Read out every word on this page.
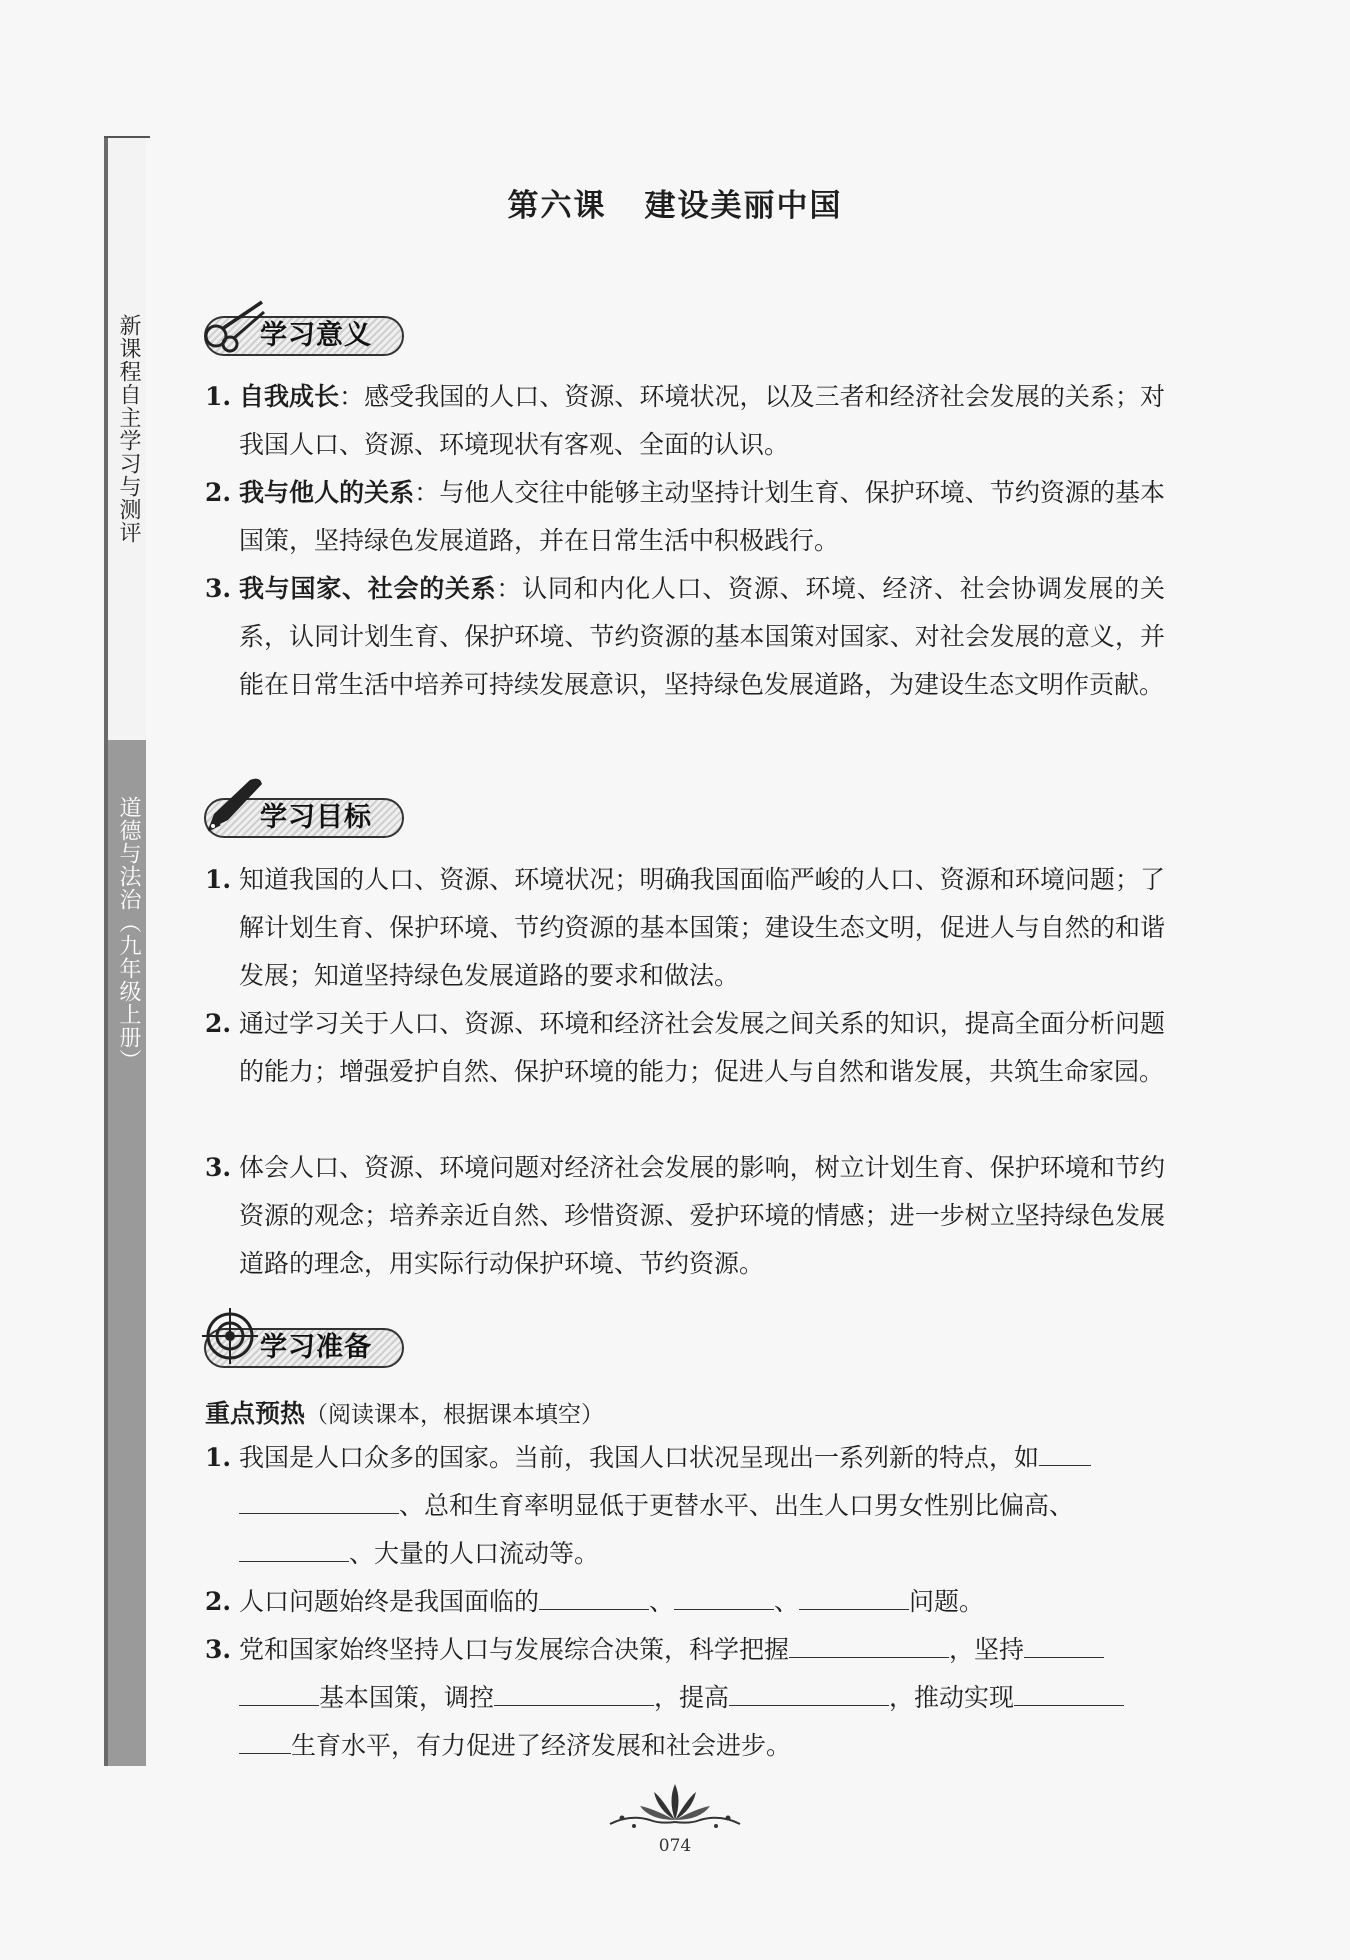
新课程自主学习与测评
道德与法治（九年级上册）
第六课 建设美丽中国
学习意义
1. 自我成长：感受我国的人口、资源、环境状况，以及三者和经济社会发展的关系；对我国人口、资源、环境现状有客观、全面的认识。
2. 我与他人的关系：与他人交往中能够主动坚持计划生育、保护环境、节约资源的基本国策，坚持绿色发展道路，并在日常生活中积极践行。
3. 我与国家、社会的关系：认同和内化人口、资源、环境、经济、社会协调发展的关系，认同计划生育、保护环境、节约资源的基本国策对国家、对社会发展的意义，并能在日常生活中培养可持续发展意识，坚持绿色发展道路，为建设生态文明作贡献。
学习目标
1. 知道我国的人口、资源、环境状况；明确我国面临严峻的人口、资源和环境问题；了解计划生育、保护环境、节约资源的基本国策；建设生态文明，促进人与自然的和谐发展；知道坚持绿色发展道路的要求和做法。
2. 通过学习关于人口、资源、环境和经济社会发展之间关系的知识，提高全面分析问题的能力；增强爱护自然、保护环境的能力；促进人与自然和谐发展，共筑生命家园。
3. 体会人口、资源、环境问题对经济社会发展的影响，树立计划生育、保护环境和节约资源的观念；培养亲近自然、珍惜资源、爱护环境的情感；进一步树立坚持绿色发展道路的理念，用实际行动保护环境、节约资源。
学习准备
重点预热（阅读课本，根据课本填空）
1. 我国是人口众多的国家。当前，我国人口状况呈现出一系列新的特点，如
、总和生育率明显低于更替水平、出生人口男女性别比偏高、
、大量的人口流动等。
2. 人口问题始终是我国面临的	、	、	问题。
3. 党和国家始终坚持人口与发展综合决策，科学把握	，坚持
基本国策，调控	，提高	，推动实现
生育水平，有力促进了经济发展和社会进步。
074
